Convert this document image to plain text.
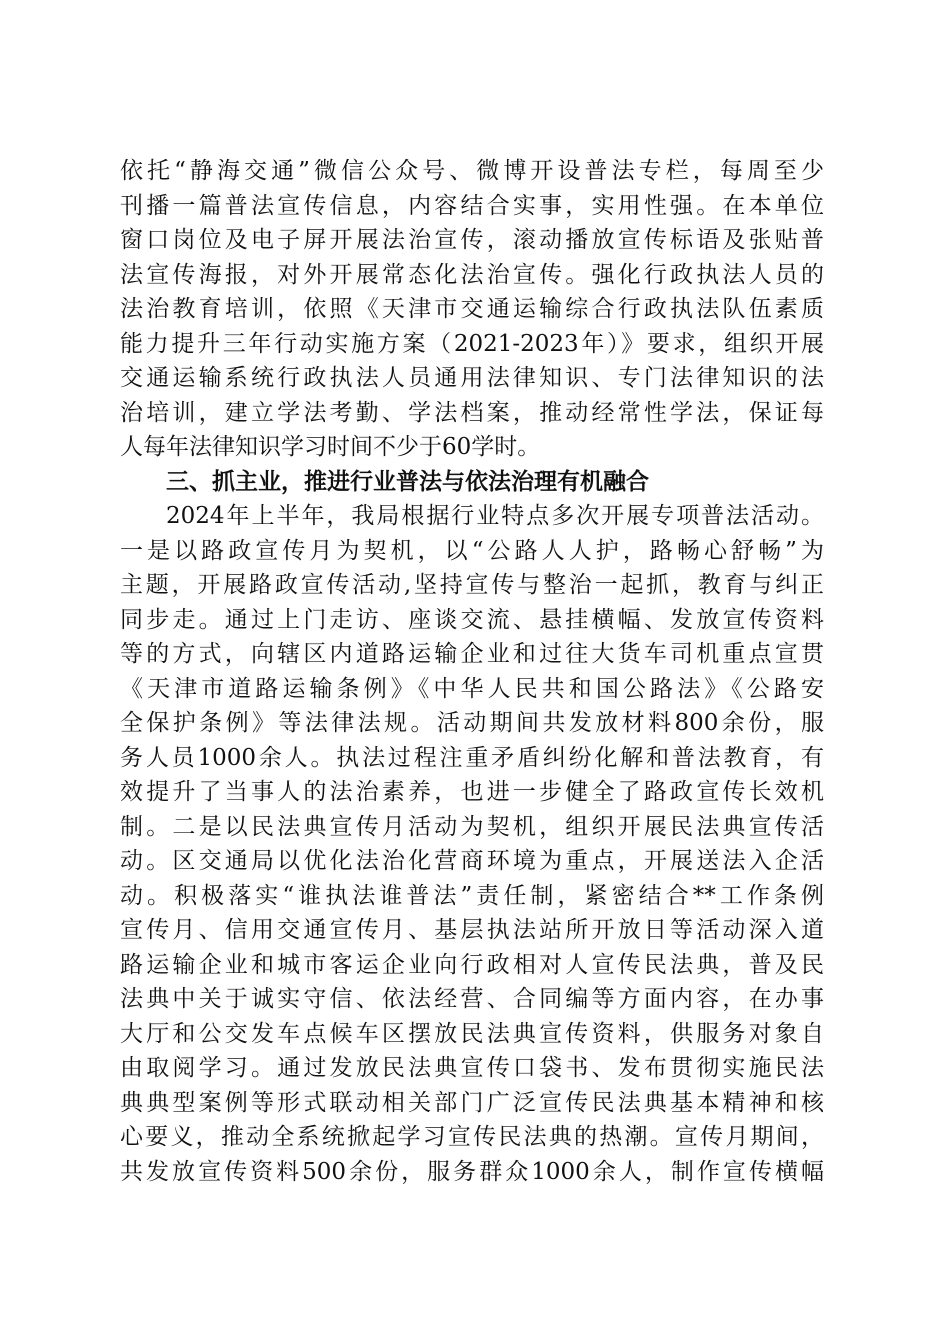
依托“静海交通”微信公众号、微博开设普法专栏，每周至少
刊播一篇普法宣传信息，内容结合实事，实用性强。在本单位
窗口岗位及电子屏开展法治宣传，滚动播放宣传标语及张贴普
法宣传海报，对外开展常态化法治宣传。强化行政执法人员的
法治教育培训，依照《天津市交通运输综合行政执法队伍素质
能力提升三年行动实施方案（2021-2023年）》要求，组织开展
交通运输系统行政执法人员通用法律知识、专门法律知识的法
治培训，建立学法考勤、学法档案，推动经常性学法，保证每
人每年法律知识学习时间不少于60学时。
三、抓主业，推进行业普法与依法治理有机融合
2024年上半年，我局根据行业特点多次开展专项普法活动。
一是以路政宣传月为契机，以“公路人人护，路畅心舒畅”为
主题，开展路政宣传活动,坚持宣传与整治一起抓，教育与纠正
同步走。通过上门走访、座谈交流、悬挂横幅、发放宣传资料
等的方式，向辖区内道路运输企业和过往大货车司机重点宣贯
《天津市道路运输条例》《中华人民共和国公路法》《公路安
全保护条例》等法律法规。活动期间共发放材料800余份，服
务人员1000余人。执法过程注重矛盾纠纷化解和普法教育，有
效提升了当事人的法治素养，也进一步健全了路政宣传长效机
制。二是以民法典宣传月活动为契机，组织开展民法典宣传活
动。区交通局以优化法治化营商环境为重点，开展送法入企活
动。积极落实“谁执法谁普法”责任制，紧密结合**工作条例
宣传月、信用交通宣传月、基层执法站所开放日等活动深入道
路运输企业和城市客运企业向行政相对人宣传民法典，普及民
法典中关于诚实守信、依法经营、合同编等方面内容，在办事
大厅和公交发车点候车区摆放民法典宣传资料，供服务对象自
由取阅学习。通过发放民法典宣传口袋书、发布贯彻实施民法
典典型案例等形式联动相关部门广泛宣传民法典基本精神和核
心要义，推动全系统掀起学习宣传民法典的热潮。宣传月期间，
共发放宣传资料500余份，服务群众1000余人，制作宣传横幅
